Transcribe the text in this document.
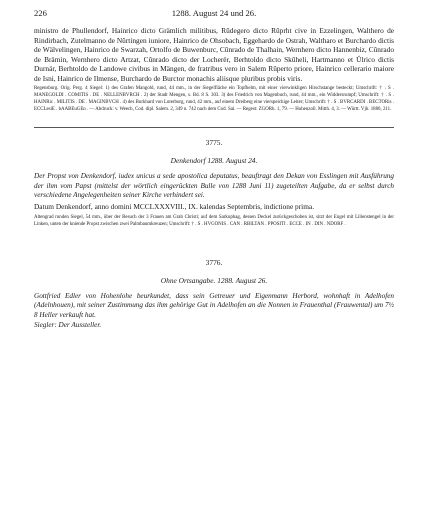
226	1288. August 24 und 26.
ministro de Phullendorf, Hainrico dicto Grämlich militibus, Rŭdegero dicto Rŭprht cive in Ezzelingen, Walthero de Rindirbach, Zutelmanno de Nŭrtingen iuniore, Hainrico de Ohsobach, Eggehardo de Ostrah, Waltharo et Burchardo dictis de Wälvelingen, Hainrico de Swarzah, Ortolfo de Buwenburc, Cŭnrado de Thalhain, Wernhero dicto Hannenbiz, Cŭnrado de Brämin, Wernhero dicto Artzat, Cŭnrado dicto der Locherër, Berhtoldo dicto Skŭheli, Hartmanno et Ŭlrico dictis Durnär, Berhtoldo de Landowe civibus in Mängen, de fratribus vero in Salem Rŭperto priore, Hainrico cellerario maiore de Isni, Hainrico de Ilmense, Burchardo de Burctor monachis aliisque pluribus probis viris.
Regensburg. Orig. Perg. 4 Siegel: 1) des Grafen Mangold, rund, 44 mm., in der Siegelfläche ein Topfhelm, mit einer vierwinkligen Hirschstange besteckt; Umschrift: † . S . MANEGOLDI . COMITIS . DE . NELLENBVRCH . 2) der Stadt Mengen, s. Bd. 8 S. 303. 3) des Friedrich von Magenbuch, rund, 44 mm., ein Widdersrumpf; Umschrift: † . S . HAINRic . MILITIS . DE . MAGINBVCH . 4) des Burkhard von Luterburg, rund, 42 mm., auf einem Dreiberg eine vierspeichige Leiter; Umschrift: † . S . BVRCARDI . BECTORis . ECCLesiE . bAABEuGEn . — Abdruck: v. Weech, Cod. dipl. Salem. 2, 349 n. 742 nach dem Cod. Sal. — Regest: ZGORh. 1, 79. — Hohenzoll. Mitth. 4, 3. — Württ. Vjh. 1880, 211.
3775.
Denkendorf 1288. August 24.
Der Propst von Denkendorf, iudex unicus a sede apostolica deputatus, beauftragt den Dekan von Esslingen mit Ausführung der ihm vom Papst (mittelst der wörtlich eingerückten Bulle von 1288 Juni 11) zugeteilten Aufgabe, da er selbst durch verschiedene Angelegenheiten seiner Kirche verhindert sei.
Datum Denkendorf, anno domini MCCLXXXVIII., IX. kalendas Septembris, indictione prima.
Altengrad runden Siegel, 54 mm., über der Besuch der 3 Frauen am Grab Christi; auf dem Sarkophag, dessen Deckel zurückgeschoben ist, sitzt der Engel mit Lilienstengel in der Linken, unten der kniende Propst zwischen zwei Palmbaumkreuzen; Umschrift: † . S . HVGONIS . CAN . RBILTAN . PPOSITI . ECCE . IN . DIN . NDORF .
3776.
Ohne Ortsangabe. 1288. August 26.
Gottfried Edler von Hohenlohe beurkundet, dass sein Getreuer und Eigenmann Herbord, wohnhaft in Adelhofen (Adelnhouen), mit seiner Zustimmung das ihm gehörige Gut in Adelhofen an die Nonnen in Frauenthal (Frauwental) um 7½ 8 Heller verkauft hat.
Siegler: Der Aussteller.
